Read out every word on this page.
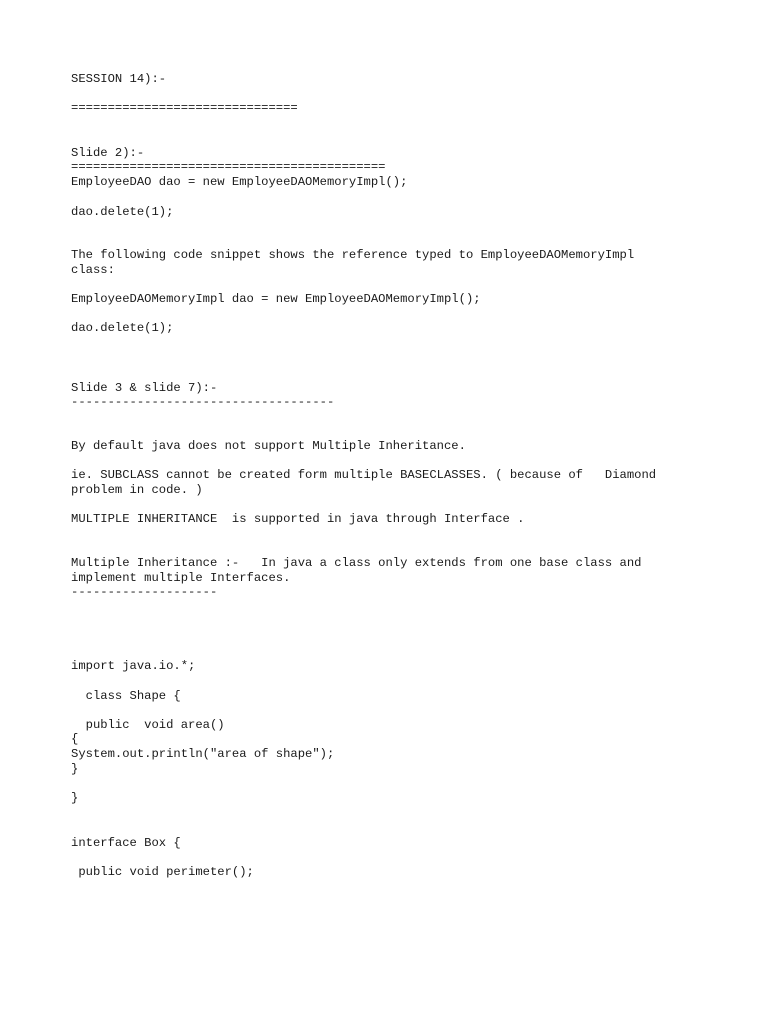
SESSION 14):-

===============================

Slide 2):-

===========================================

EmployeeDAO dao = new EmployeeDAOMemoryImpl();

dao.delete(1);

The following code snippet shows the reference typed to EmployeeDAOMemoryImpl

class:

EmployeeDAOMemoryImpl dao = new EmployeeDAOMemoryImpl();

dao.delete(1);

Slide 3 & slide 7):-

------------------------------------

By default java does not support Multiple Inheritance.

ie. SUBCLASS cannot be created form multiple BASECLASSES. ( because of   Diamond

problem in code. )

MULTIPLE INHERITANCE  is supported in java through Interface .

Multiple Inheritance :-   In java a class only extends from one base class and

implement multiple Interfaces.

--------------------

import java.io.*;

class Shape {

public  void area()

{

System.out.println("area of shape");

}

}

interface Box {

public void perimeter();
